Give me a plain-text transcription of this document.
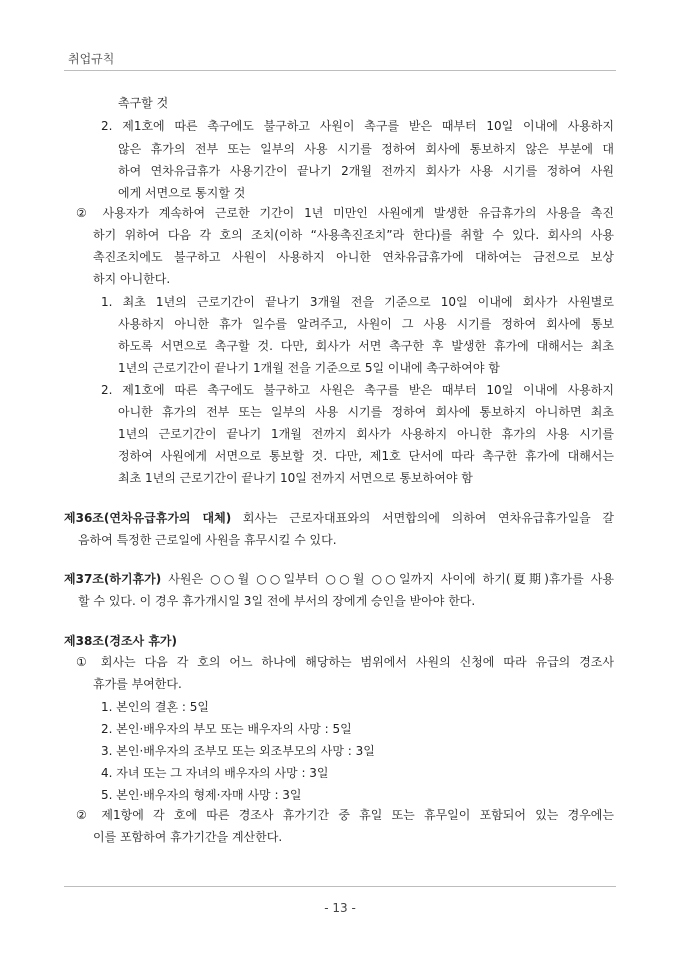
취업규칙
촉구할 것
2. 제1호에 따른 촉구에도 불구하고 사원이 촉구를 받은 때부터 10일 이내에 사용하지
않은 휴가의 전부 또는 일부의 사용 시기를 정하여 회사에 통보하지 않은 부분에 대
하여 연차유급휴가 사용기간이 끝나기 2개월 전까지 회사가 사용 시기를 정하여 사원
에게 서면으로 통지할 것
② 사용자가 계속하여 근로한 기간이 1년 미만인 사원에게 발생한 유급휴가의 사용을 촉진
하기 위하여 다음 각 호의 조치(이하 “사용촉진조치”라 한다)를 취할 수 있다. 회사의 사용
촉진조치에도 불구하고 사원이 사용하지 아니한 연차유급휴가에 대하여는 금전으로 보상
하지 아니한다.
1. 최초 1년의 근로기간이 끝나기 3개월 전을 기준으로 10일 이내에 회사가 사원별로
사용하지 아니한 휴가 일수를 알려주고, 사원이 그 사용 시기를 정하여 회사에 통보
하도록 서면으로 촉구할 것. 다만, 회사가 서면 촉구한 후 발생한 휴가에 대해서는 최초
1년의 근로기간이 끝나기 1개월 전을 기준으로 5일 이내에 촉구하여야 함
2. 제1호에 따른 촉구에도 불구하고 사원은 촉구를 받은 때부터 10일 이내에 사용하지
아니한 휴가의 전부 또는 일부의 사용 시기를 정하여 회사에 통보하지 아니하면 최초
1년의 근로기간이 끝나기 1개월 전까지 회사가 사용하지 아니한 휴가의 사용 시기를
정하여 사원에게 서면으로 통보할 것. 다만, 제1호 단서에 따라 촉구한 휴가에 대해서는
최초 1년의 근로기간이 끝나기 10일 전까지 서면으로 통보하여야 함
제36조(연차유급휴가의 대체) 회사는 근로자대표와의 서면합의에 의하여 연차유급휴가일을 갈
음하여 특정한 근로일에 사원을 휴무시킬 수 있다.
제37조(하기휴가) 사원은 ○○월 ○○일부터 ○○월 ○○일까지 사이에 하기(夏期)휴가를 사용
할 수 있다. 이 경우 휴가개시일 3일 전에 부서의 장에게 승인을 받아야 한다.
제38조(경조사 휴가)
① 회사는 다음 각 호의 어느 하나에 해당하는 범위에서 사원의 신청에 따라 유급의 경조사
휴가를 부여한다.
1. 본인의 결혼 : 5일
2. 본인·배우자의 부모 또는 배우자의 사망 : 5일
3. 본인·배우자의 조부모 또는 외조부모의 사망 : 3일
4. 자녀 또는 그 자녀의 배우자의 사망 : 3일
5. 본인·배우자의 형제·자매 사망 : 3일
② 제1항에 각 호에 따른 경조사 휴가기간 중 휴일 또는 휴무일이 포함되어 있는 경우에는
이를 포함하여 휴가기간을 계산한다.
- 13 -
